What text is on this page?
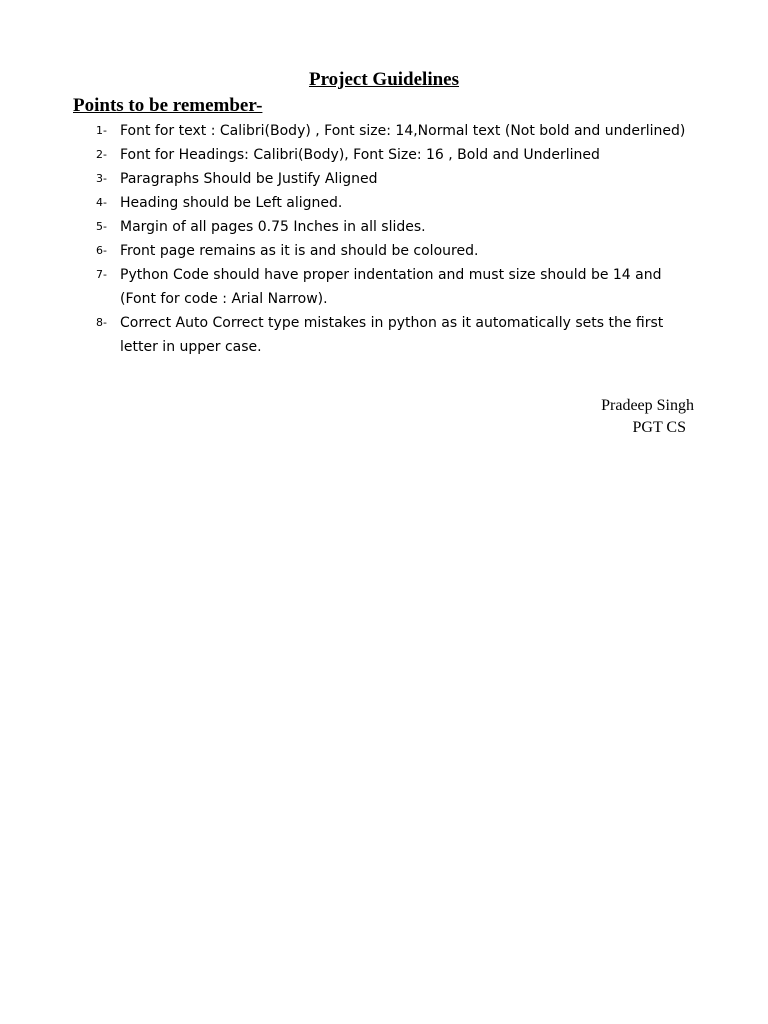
Project Guidelines
Points to be remember-
1- Font for text : Calibri(Body) , Font size: 14,Normal text (Not bold and underlined)
2- Font for Headings: Calibri(Body), Font Size: 16 , Bold and Underlined
3- Paragraphs Should be Justify Aligned
4- Heading should be Left aligned.
5- Margin of all pages 0.75 Inches in all slides.
6- Front page remains as it is and should be coloured.
7- Python Code should have proper indentation and must size should be 14 and (Font for code : Arial Narrow).
8- Correct Auto Correct type mistakes in python as it automatically sets the first letter in upper case.
Pradeep Singh
PGT CS
